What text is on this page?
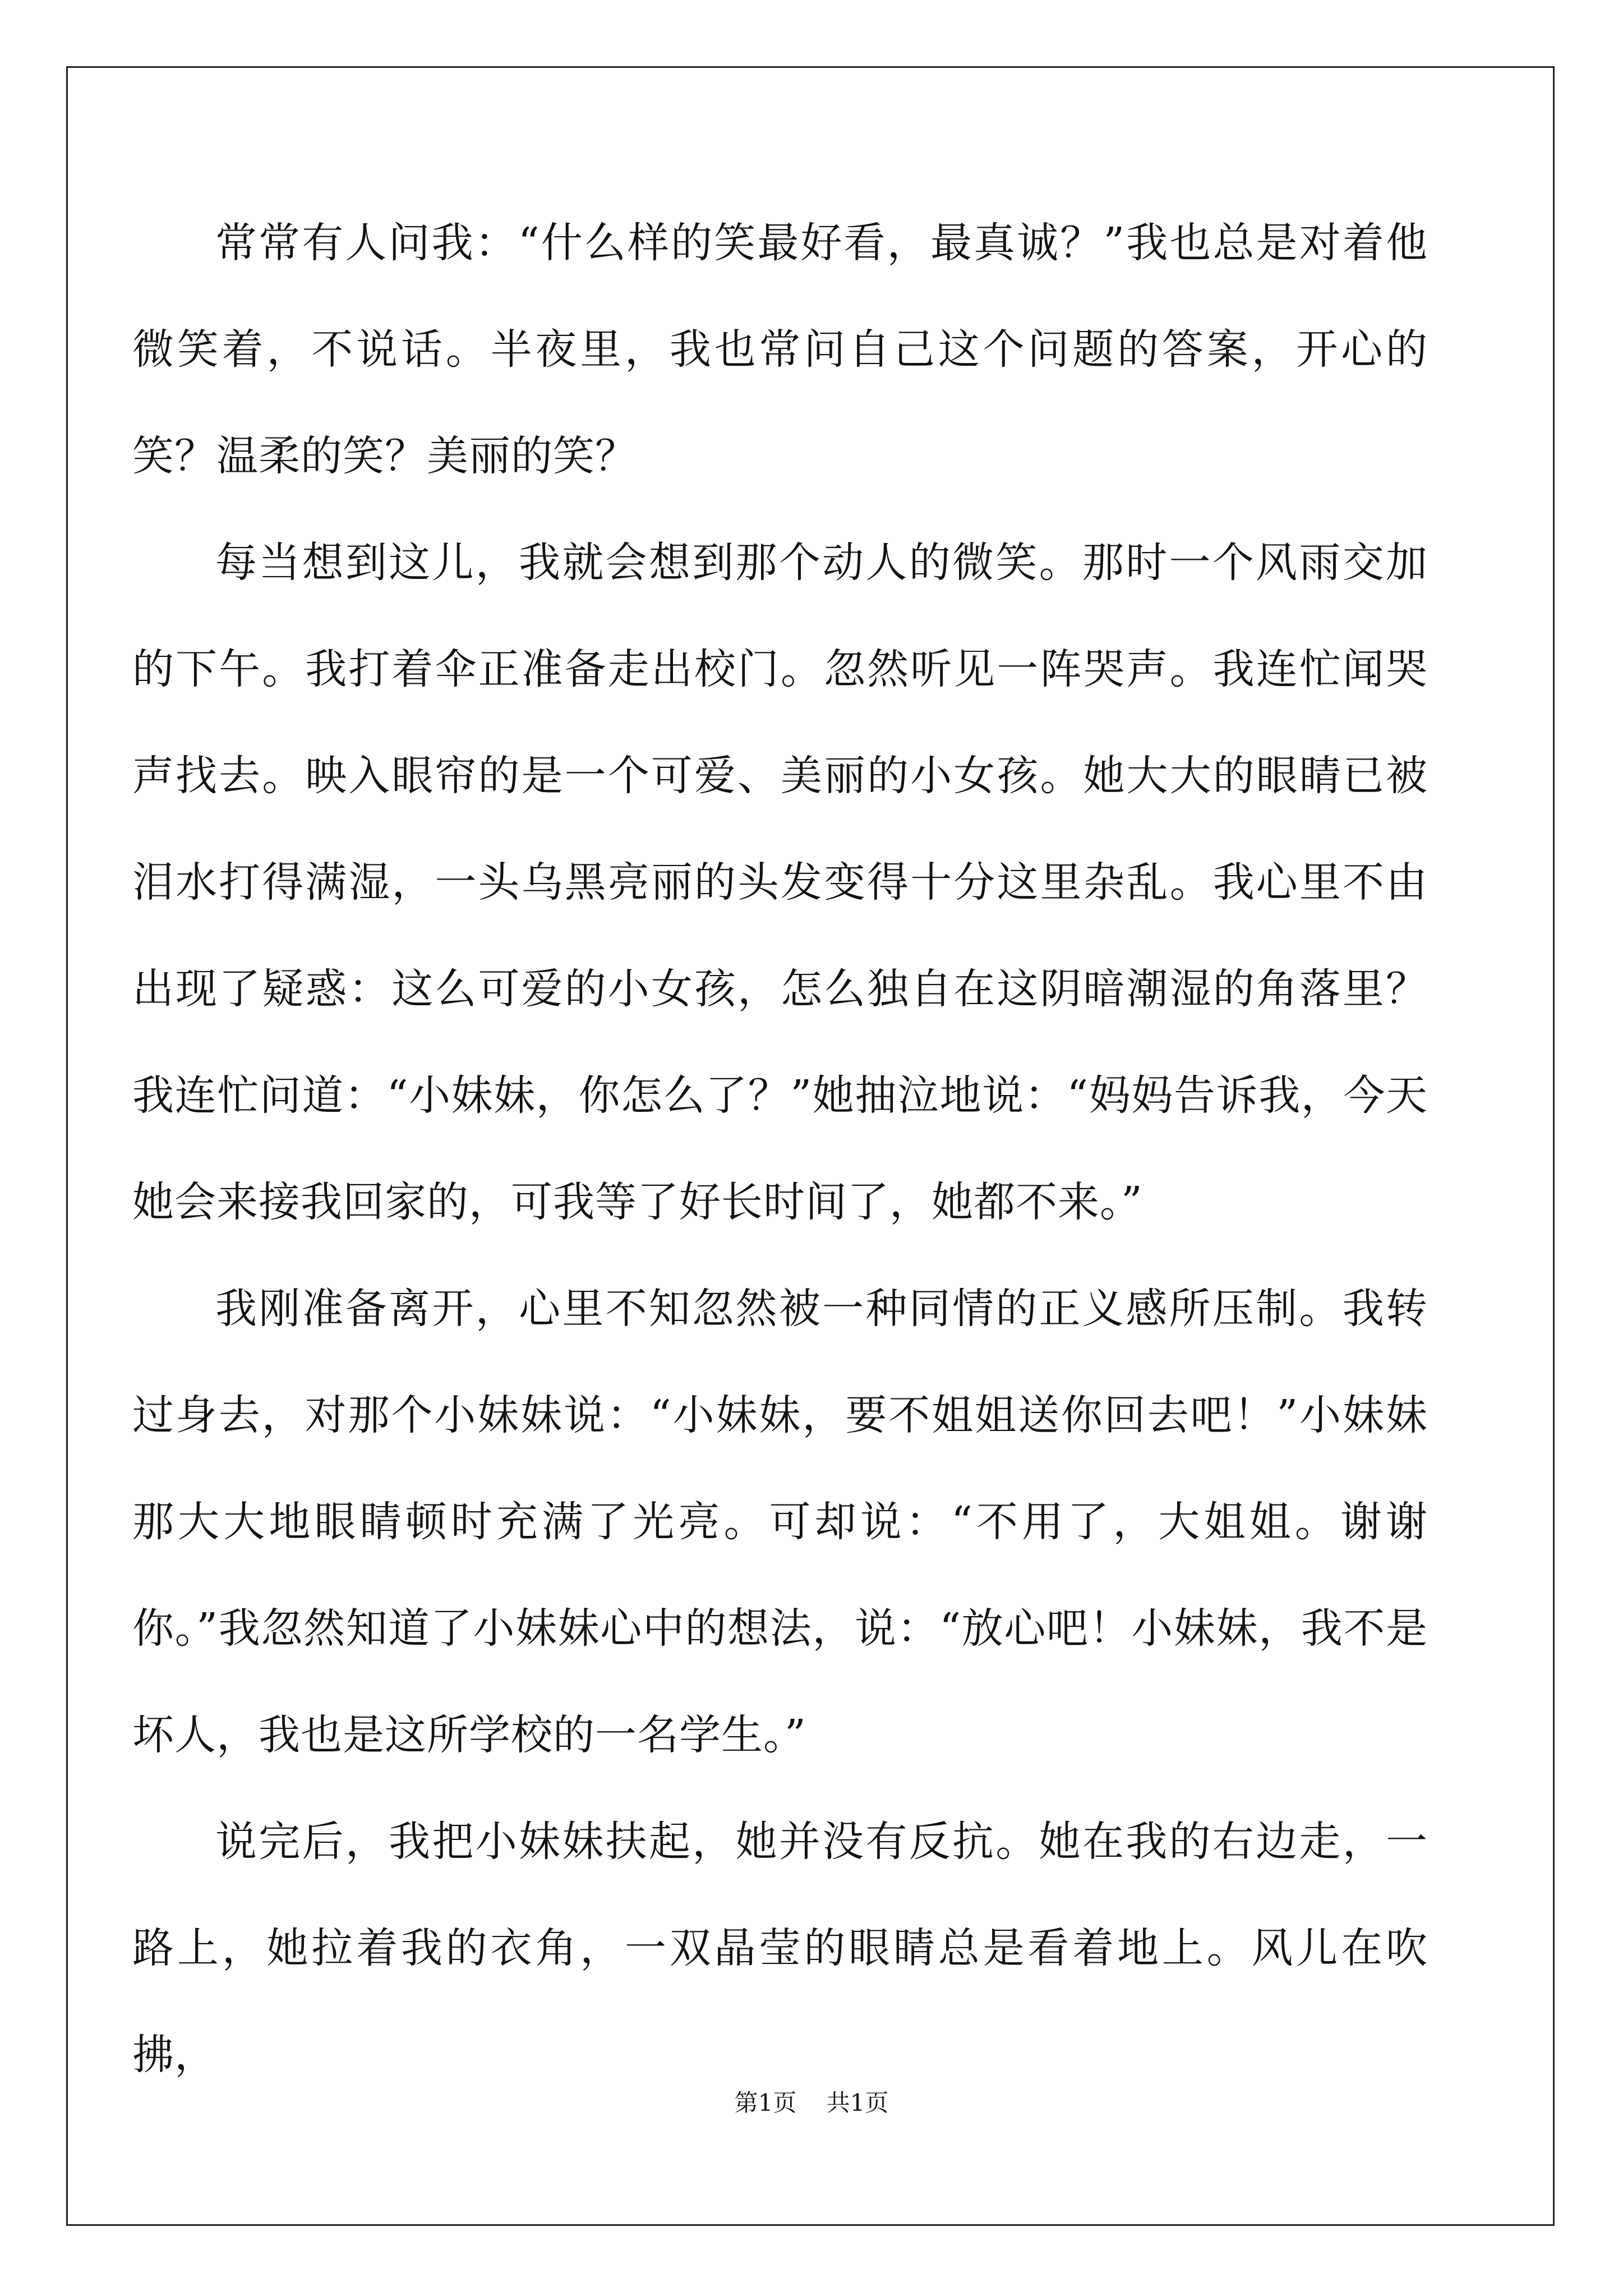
常常有人问我：“什么样的笑最好看，最真诚？”我也总是对着他微笑着，不说话。半夜里，我也常问自己这个问题的答案，开心的笑？温柔的笑？美丽的笑？

每当想到这儿，我就会想到那个动人的微笑。那时一个风雨交加的下午。我打着伞正准备走出校门。忽然听见一阵哭声。我连忙闻哭声找去。映入眼帘的是一个可爱、美丽的小女孩。她大大的眼睛已被泪水打得满湿，一头乌黑亮丽的头发变得十分这里杂乱。我心里不由出现了疑惑：这么可爱的小女孩，怎么独自在这阴暗潮湿的角落里？我连忙问道：“小妹妹，你怎么了？”她抽泣地说：“妈妈告诉我，今天她会来接我回家的，可我等了好长时间了，她都不来。”

我刚准备离开，心里不知忽然被一种同情的正义感所压制。我转过身去，对那个小妹妹说：“小妹妹，要不姐姐送你回去吧！”小妹妹那大大地眼睛顿时充满了光亮。可却说：“不用了，大姐姐。谢谢你。”我忽然知道了小妹妹心中的想法，说：“放心吧！小妹妹，我不是坏人，我也是这所学校的一名学生。”

说完后，我把小妹妹扶起，她并没有反抗。她在我的右边走，一路上，她拉着我的衣角，一双晶莹的眼睛总是看着地上。风儿在吹拂，

第1页 共1页
